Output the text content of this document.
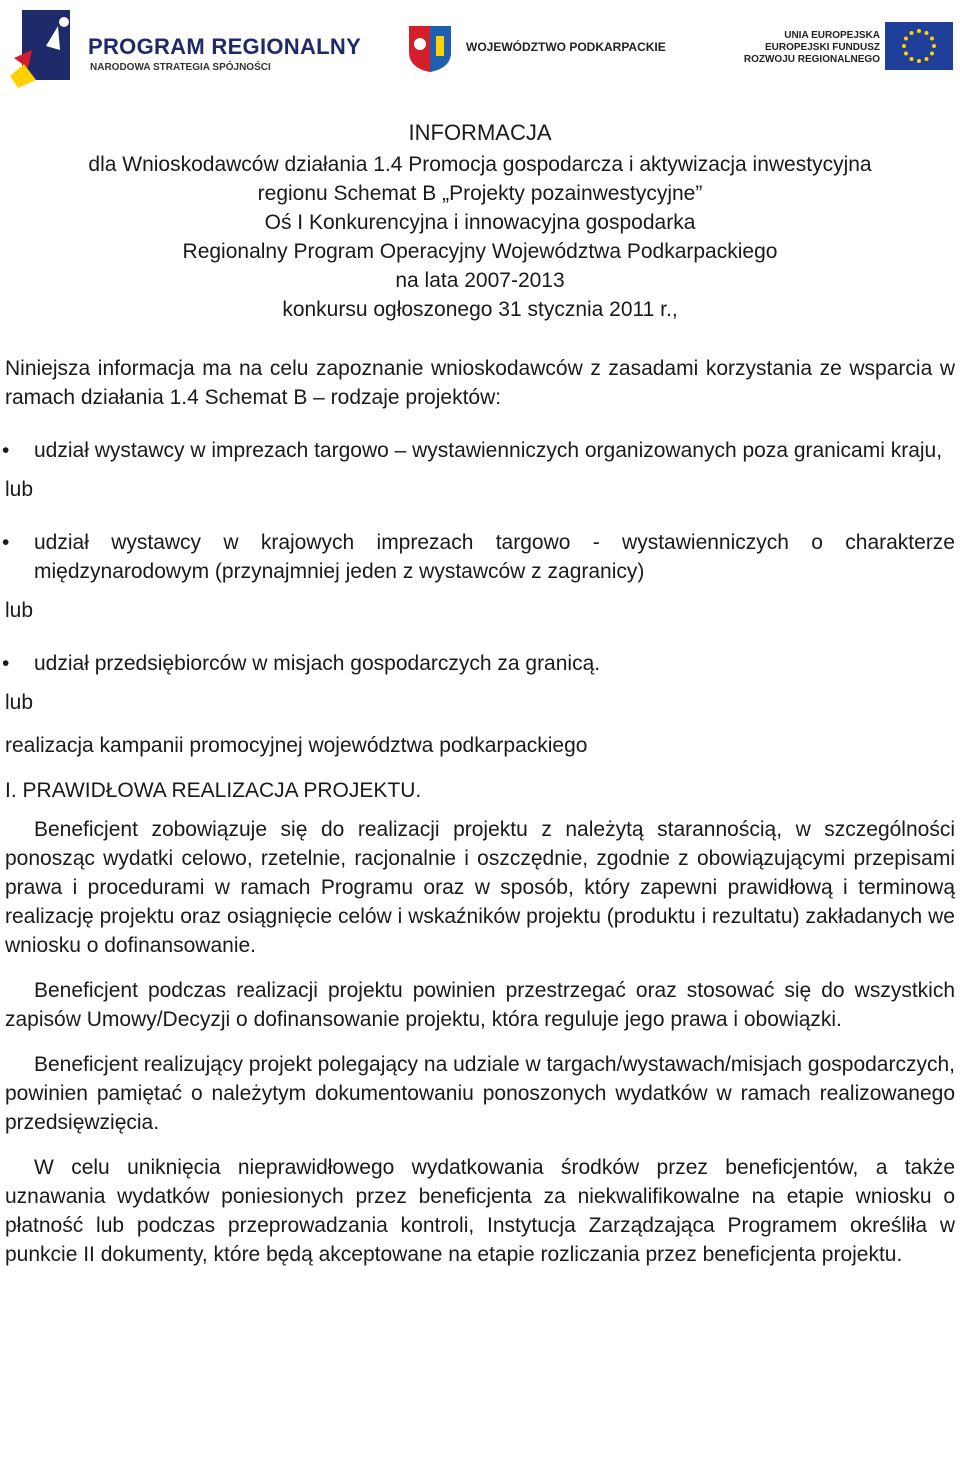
PROGRAM REGIONALNY
NARODOWA STRATEGIA SPÓJNOŚCI
WOJEWÓDZTWO PODKARPACKIE
UNIA EUROPEJSKA
EUROPEJSKI FUNDUSZ
ROZWOJU REGIONALNEGO

INFORMACJA

dla Wnioskodawców działania 1.4 Promocja gospodarcza i aktywizacja inwestycyjna

regionu Schemat B „Projekty pozainwestycyjne”

Oś I Konkurencyjna i innowacyjna gospodarka

Regionalny Program Operacyjny Województwa Podkarpackiego

na lata 2007-2013

konkursu ogłoszonego 31 stycznia 2011 r.,

Niniejsza informacja ma na celu zapoznanie wnioskodawców z zasadami korzystania ze wsparcia w ramach działania 1.4 Schemat B – rodzaje projektów:

• udział wystawcy w imprezach targowo – wystawienniczych organizowanych poza granicami kraju,

lub

• udział wystawcy w krajowych imprezach targowo - wystawienniczych o charakterze międzynarodowym (przynajmniej jeden z wystawców z zagranicy)

lub

• udział przedsiębiorców w misjach gospodarczych za granicą.

lub

realizacja kampanii promocyjnej województwa podkarpackiego

I. PRAWIDŁOWA REALIZACJA PROJEKTU.

Beneficjent zobowiązuje się do realizacji projektu z należytą starannością, w szczególności ponosząc wydatki celowo, rzetelnie, racjonalnie i oszczędnie, zgodnie z obowiązującymi przepisami prawa i procedurami w ramach Programu oraz w sposób, który zapewni prawidłową i terminową realizację projektu oraz osiągnięcie celów i wskaźników projektu (produktu i rezultatu) zakładanych we wniosku o dofinansowanie.

Beneficjent podczas realizacji projektu powinien przestrzegać oraz stosować się do wszystkich zapisów Umowy/Decyzji o dofinansowanie projektu, która reguluje jego prawa i obowiązki.

Beneficjent realizujący projekt polegający na udziale w targach/wystawach/misjach gospodarczych, powinien pamiętać o należytym dokumentowaniu ponoszonych wydatków w ramach realizowanego przedsięwzięcia.

W celu uniknięcia nieprawidłowego wydatkowania środków przez beneficjentów, a także uznawania wydatków poniesionych przez beneficjenta za niekwalifikowalne na etapie wniosku o płatność lub podczas przeprowadzania kontroli, Instytucja Zarządzająca Programem określiła w punkcie II dokumenty, które będą akceptowane na etapie rozliczania przez beneficjenta projektu.
